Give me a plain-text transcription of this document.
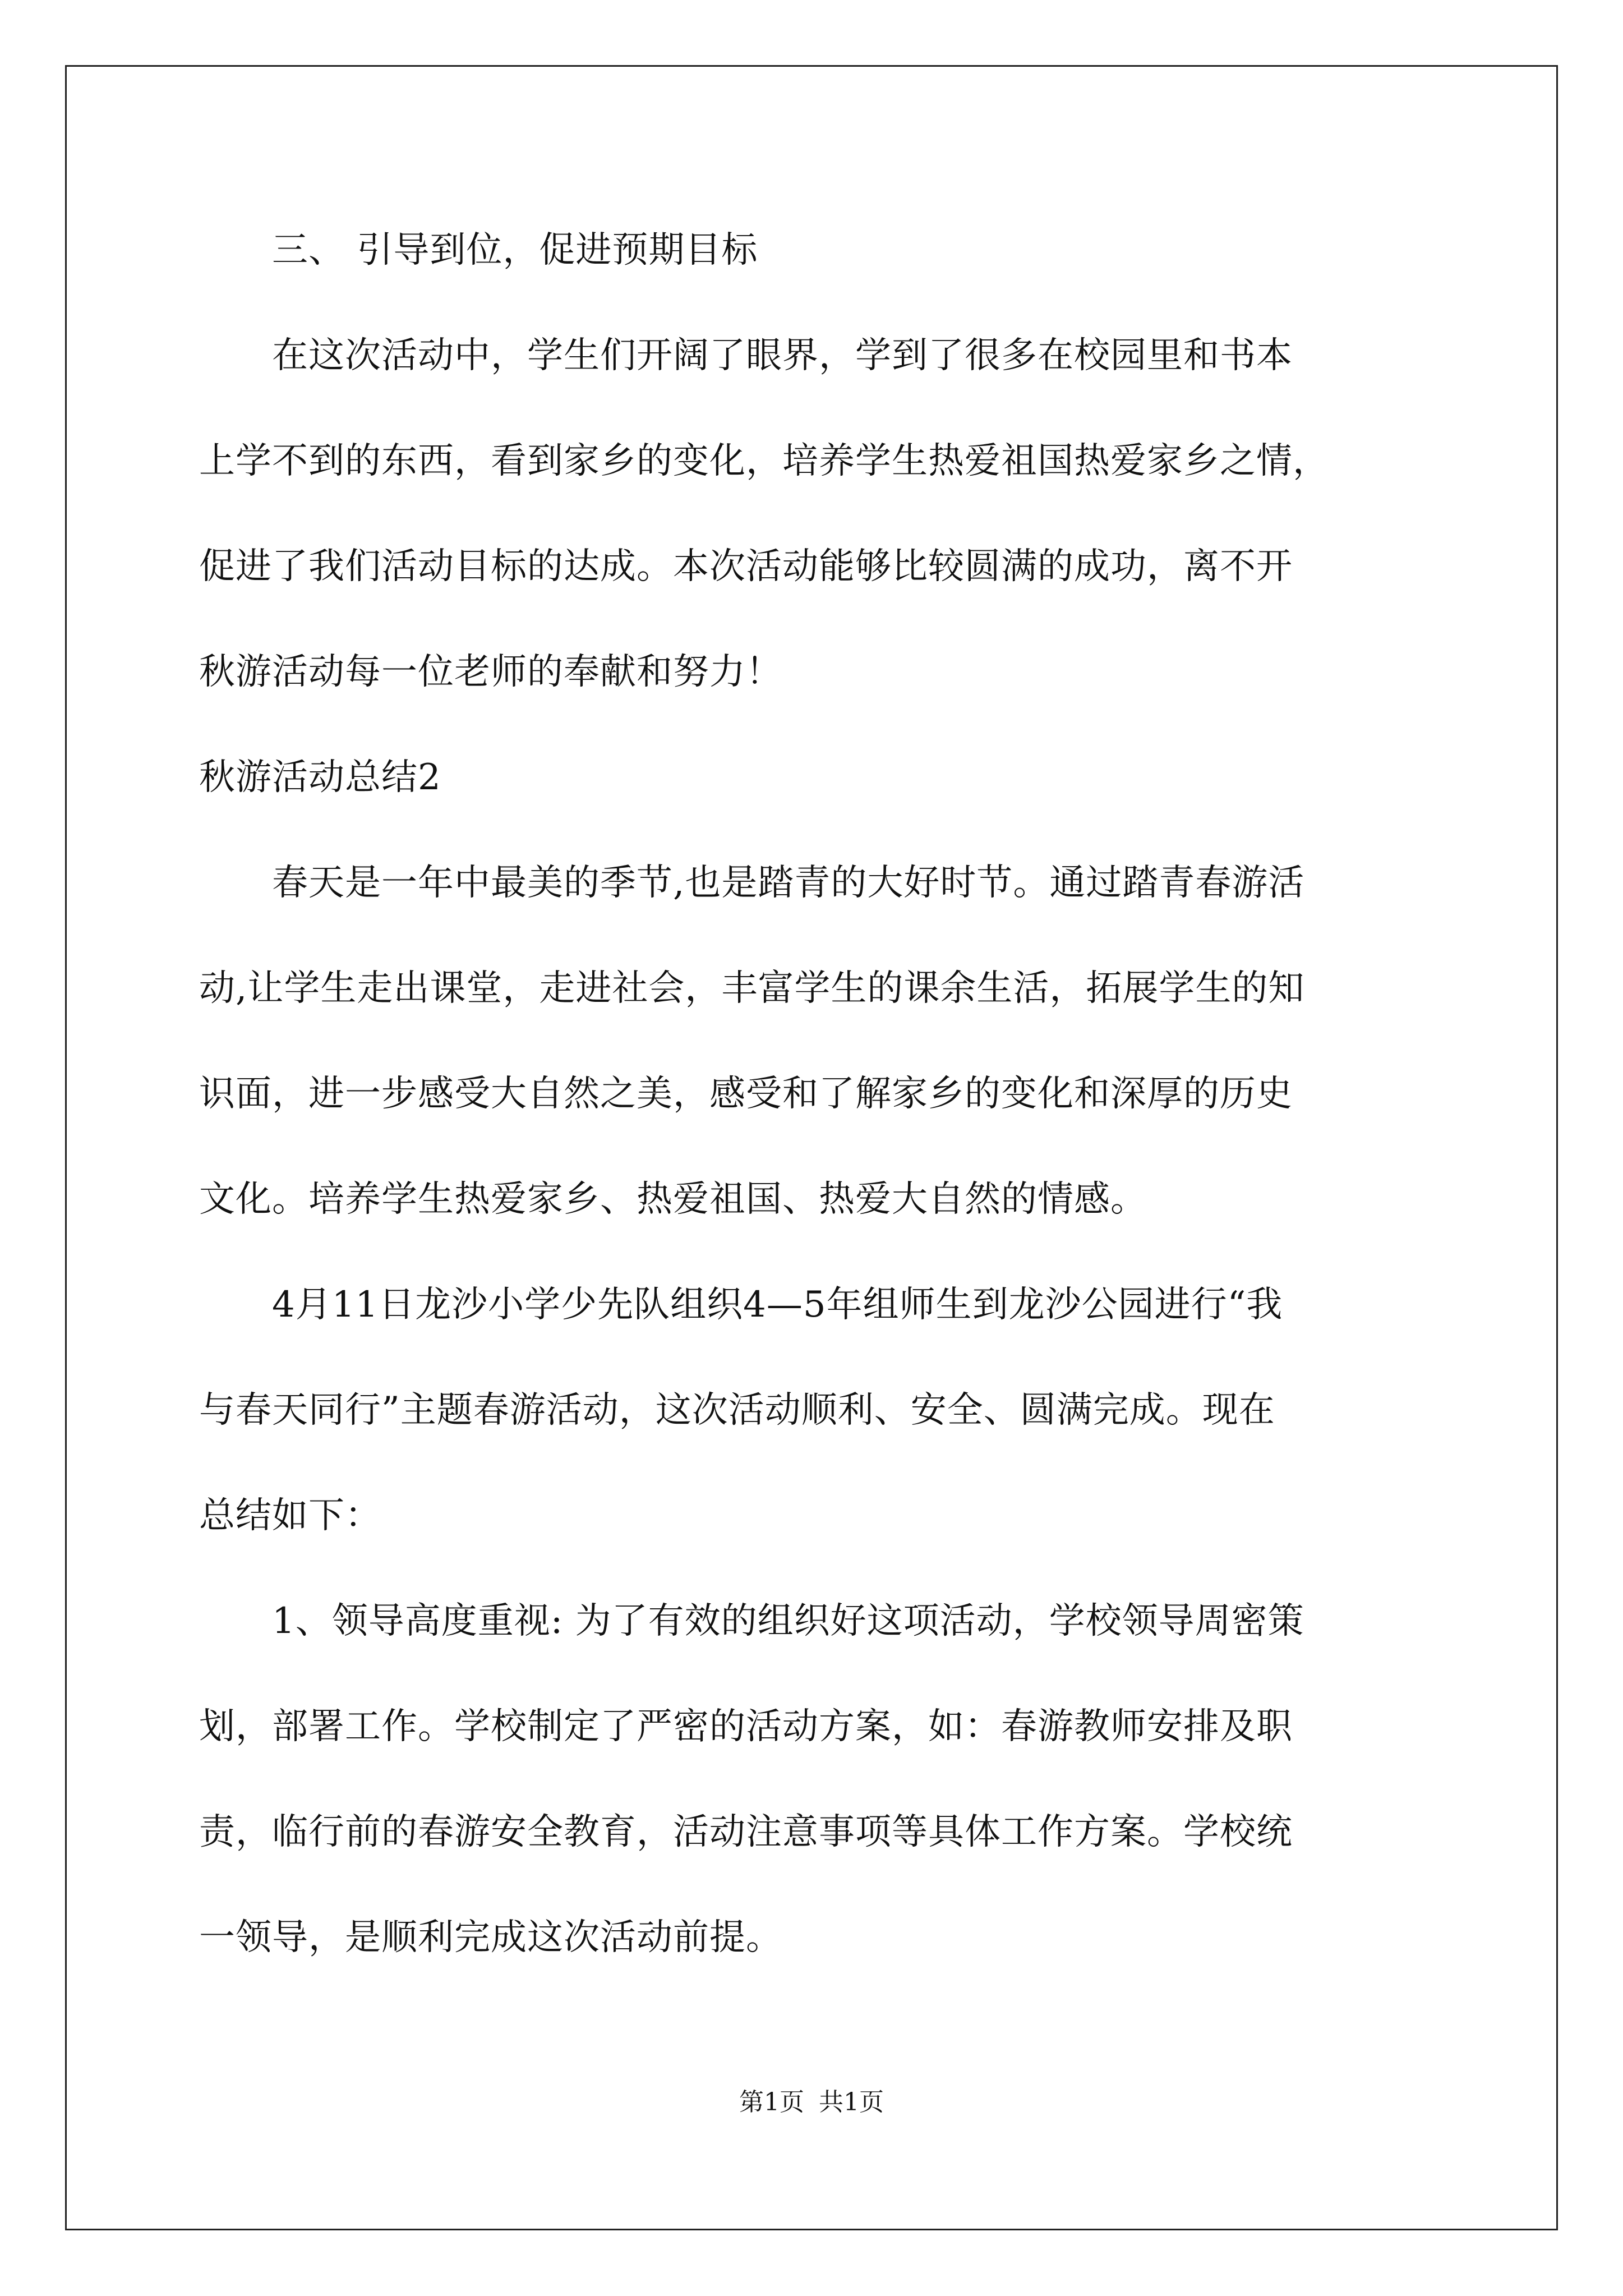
　　三、 引导到位，促进预期目标
　　在这次活动中，学生们开阔了眼界，学到了很多在校园里和书本
上学不到的东西，看到家乡的变化，培养学生热爱祖国热爱家乡之情，
促进了我们活动目标的达成。本次活动能够比较圆满的成功，离不开
秋游活动每一位老师的奉献和努力！
秋游活动总结2
　　春天是一年中最美的季节,也是踏青的大好时节。通过踏青春游活
动,让学生走出课堂，走进社会，丰富学生的课余生活，拓展学生的知
识面，进一步感受大自然之美，感受和了解家乡的变化和深厚的历史
文化。培养学生热爱家乡、热爱祖国、热爱大自然的情感。
　　4月11日龙沙小学少先队组织4—5年组师生到龙沙公园进行“我
与春天同行”主题春游活动，这次活动顺利、安全、圆满完成。现在
总结如下：
　　1、领导高度重视: 为了有效的组织好这项活动，学校领导周密策
划，部署工作。学校制定了严密的活动方案，如：春游教师安排及职
责，临行前的春游安全教育，活动注意事项等具体工作方案。学校统
一领导，是顺利完成这次活动前提。
第1页 共1页
